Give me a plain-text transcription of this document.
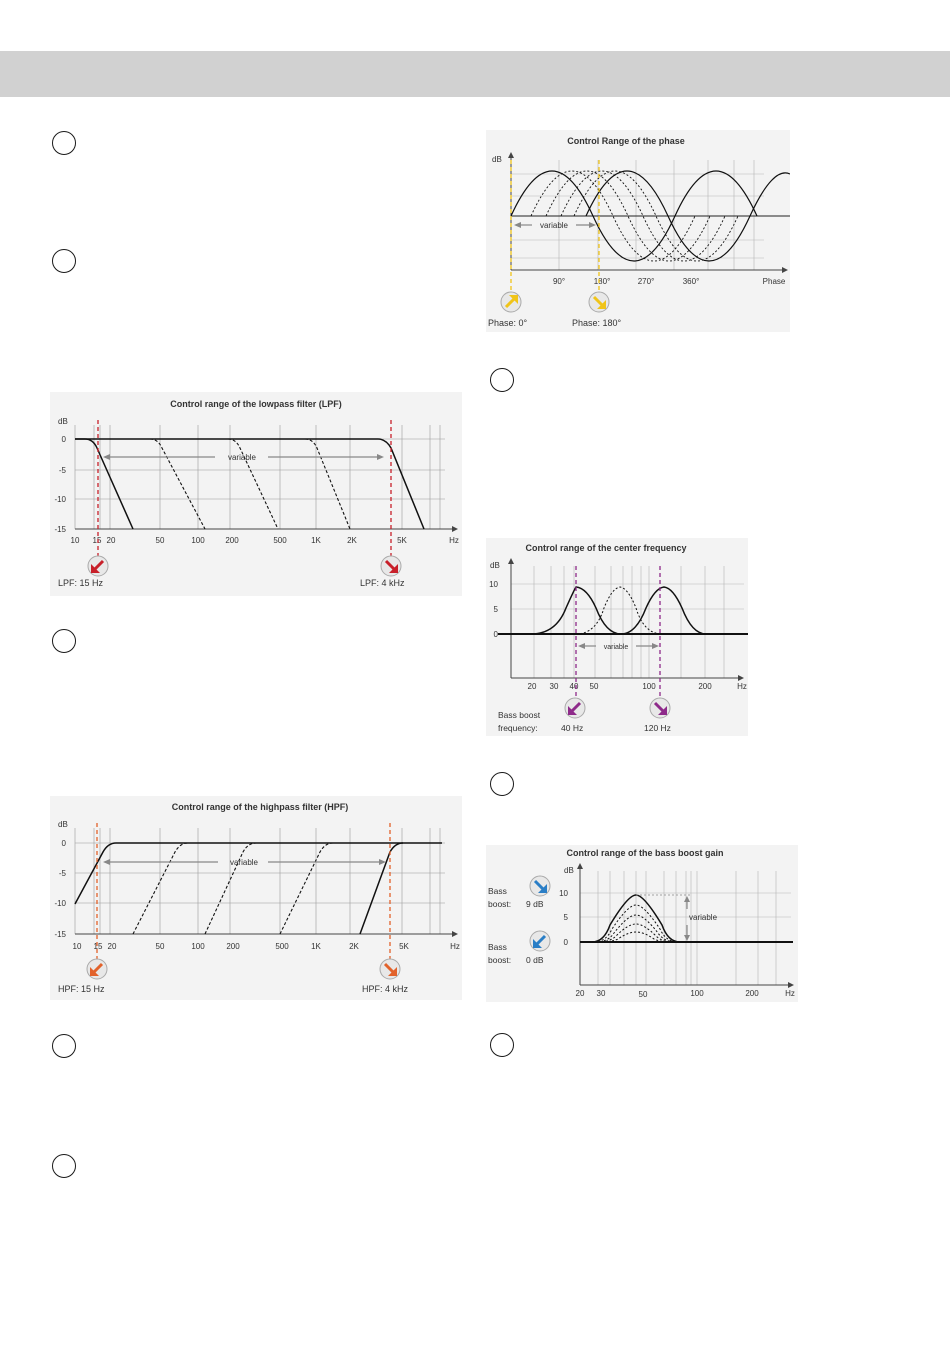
Control range of the lowpass filter (LPF)
dB
0
-5
-10
-15
10 15 20	50	100	200	500	1K	2K	5K	Hz
variable
LPF: 15 Hz	LPF: 4 kHz
Control range of the highpass filter (HPF)
dB
0
-5
-10
-15
10 15 20	50	100	200	500	1K	2K	5K	Hz
variable
HPF: 15 Hz	HPF: 4 kHz
Control Range of the phase
dB
variable
90°	180°	270°	360°	Phase
Phase: 0°	Phase: 180°
Control range of the center frequency
dB
10
5
0
variable
20 30 40 50	100	200	Hz
Bass boost
frequency:	40 Hz	120 Hz
Control range of the bass boost gain
dB
10
5
0
variable
20 30	50	100	200	Hz
Bass
boost: 9 dB
Bass
boost: 0 dB
